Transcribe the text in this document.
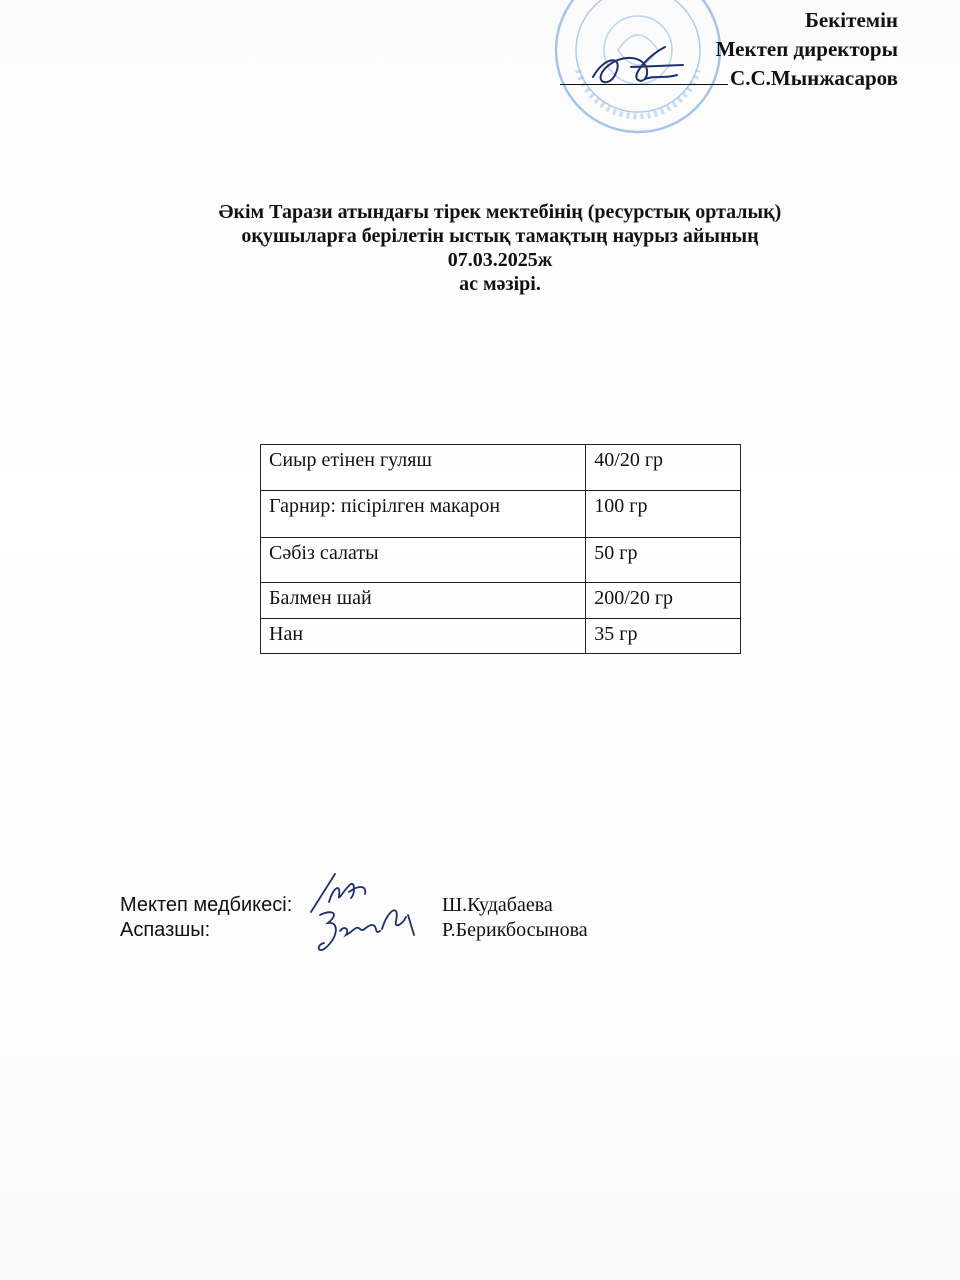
Бекітемін
Мектеп директоры
С.С.Мынжасаров
Әкім Тарази атындағы тірек мектебінің (ресурстық орталық)
оқушыларға берілетін ыстық тамақтың наурыз айының
07.03.2025ж
ас мәзірі.
Сиыр етінен гуляш	40/20 гр
Гарнир: пісірілген макарон	100 гр
Сәбіз салаты	50 гр
Балмен шай	200/20 гр
Нан	35 гр
Мектеп медбикесі:	Ш.Кудабаева
Аспазшы:	Р.Берикбосынова
